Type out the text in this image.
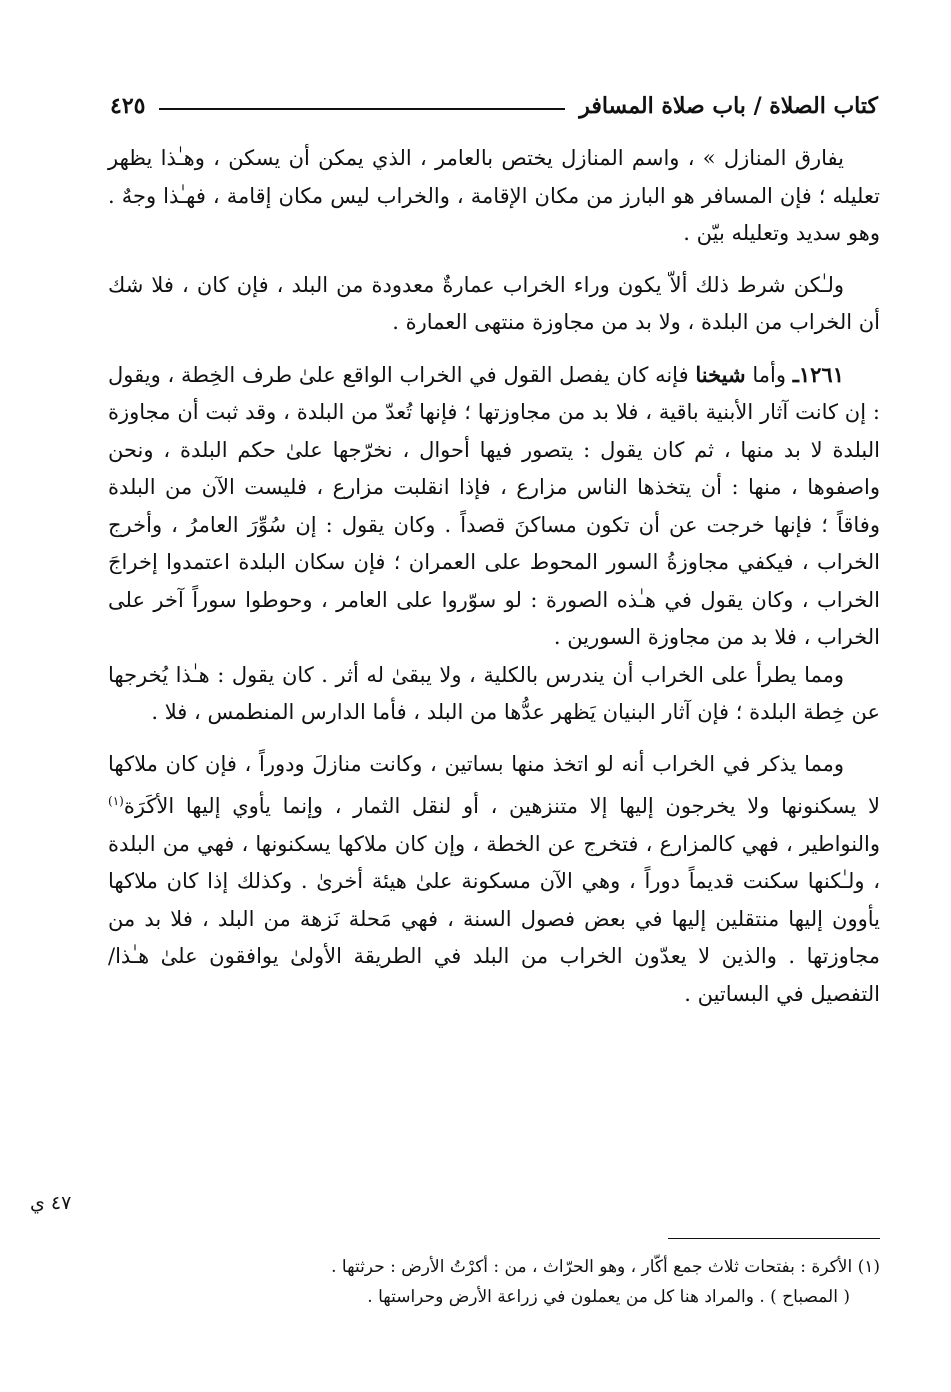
كتاب الصلاة / باب صلاة المسافر
٤٢٥

يفارق المنازل » ، واسم المنازل يختص بالعامر ، الذي يمكن أن يسكن ، وهـٰذا يظهر تعليله ؛ فإن المسافر هو البارز من مكان الإقامة ، والخراب ليس مكان إقامة ، فهـٰذا وجهٌ . وهو سديد وتعليله بيّن .

ولـٰكن شرط ذلك ألاّ يكون وراء الخراب عمارةٌ معدودة من البلد ، فإن كان ، فلا شك أن الخراب من البلدة ، ولا بد من مجاوزة منتهى العمارة .

١٢٦١ـ وأما شيخنا فإنه كان يفصل القول في الخراب الواقع علىٰ طرف الخِطة ، ويقول : إن كانت آثار الأبنية باقية ، فلا بد من مجاوزتها ؛ فإنها تُعدّ من البلدة ، وقد ثبت أن مجاوزة البلدة لا بد منها ، ثم كان يقول : يتصور فيها أحوال ، نخرّجها علىٰ حكم البلدة ، ونحن واصفوها ، منها : أن يتخذها الناس مزارع ، فإذا انقلبت مزارع ، فليست الآن من البلدة وفاقاً ؛ فإنها خرجت عن أن تكون مساكنَ قصداً . وكان يقول : إن سُوِّرَ العامرُ ، وأخرج الخراب ، فيكفي مجاوزةُ السور المحوط على العمران ؛ فإن سكان البلدة اعتمدوا إخراجَ الخراب ، وكان يقول في هـٰذه الصورة : لو سوّروا على العامر ، وحوطوا سوراً آخر على الخراب ، فلا بد من مجاوزة السورين .

ومما يطرأ على الخراب أن يندرس بالكلية ، ولا يبقىٰ له أثر . كان يقول : هـٰذا يُخرجها عن خِطة البلدة ؛ فإن آثار البنيان يَظهر عدُّها من البلد ، فأما الدارس المنطمس ، فلا .

ومما يذكر في الخراب أنه لو اتخذ منها بساتين ، وكانت منازلَ ودوراً ، فإن كان ملاكها لا يسكنونها ولا يخرجون إليها إلا متنزهين ، أو لنقل الثمار ، وإنما يأوي إليها الأكَرَة$^{(١)}$ والنواطير ، فهي كالمزارع ، فتخرج عن الخطة ، وإن كان ملاكها يسكنونها ، فهي من البلدة ، ولـٰكنها سكنت قديماً دوراً ، وهي الآن مسكونة علىٰ هيئة أخرىٰ . وكذلك إذا كان ملاكها يأوون إليها منتقلين إليها في بعض فصول السنة ، فهي مَحلة نَزهة من البلد ، فلا بد من مجاوزتها . والذين لا يعدّون الخراب من البلد في الطريقة الأولىٰ يوافقون علىٰ هـٰذا/ التفصيل في البساتين .

٤٧ ي

(١) الأكرة : بفتحات ثلاث جمع أكّار ، وهو الحرّاث ، من : أكرْتُ الأرض : حرثتها .

( المصباح ) . والمراد هنا كل من يعملون في زراعة الأرض وحراستها .
